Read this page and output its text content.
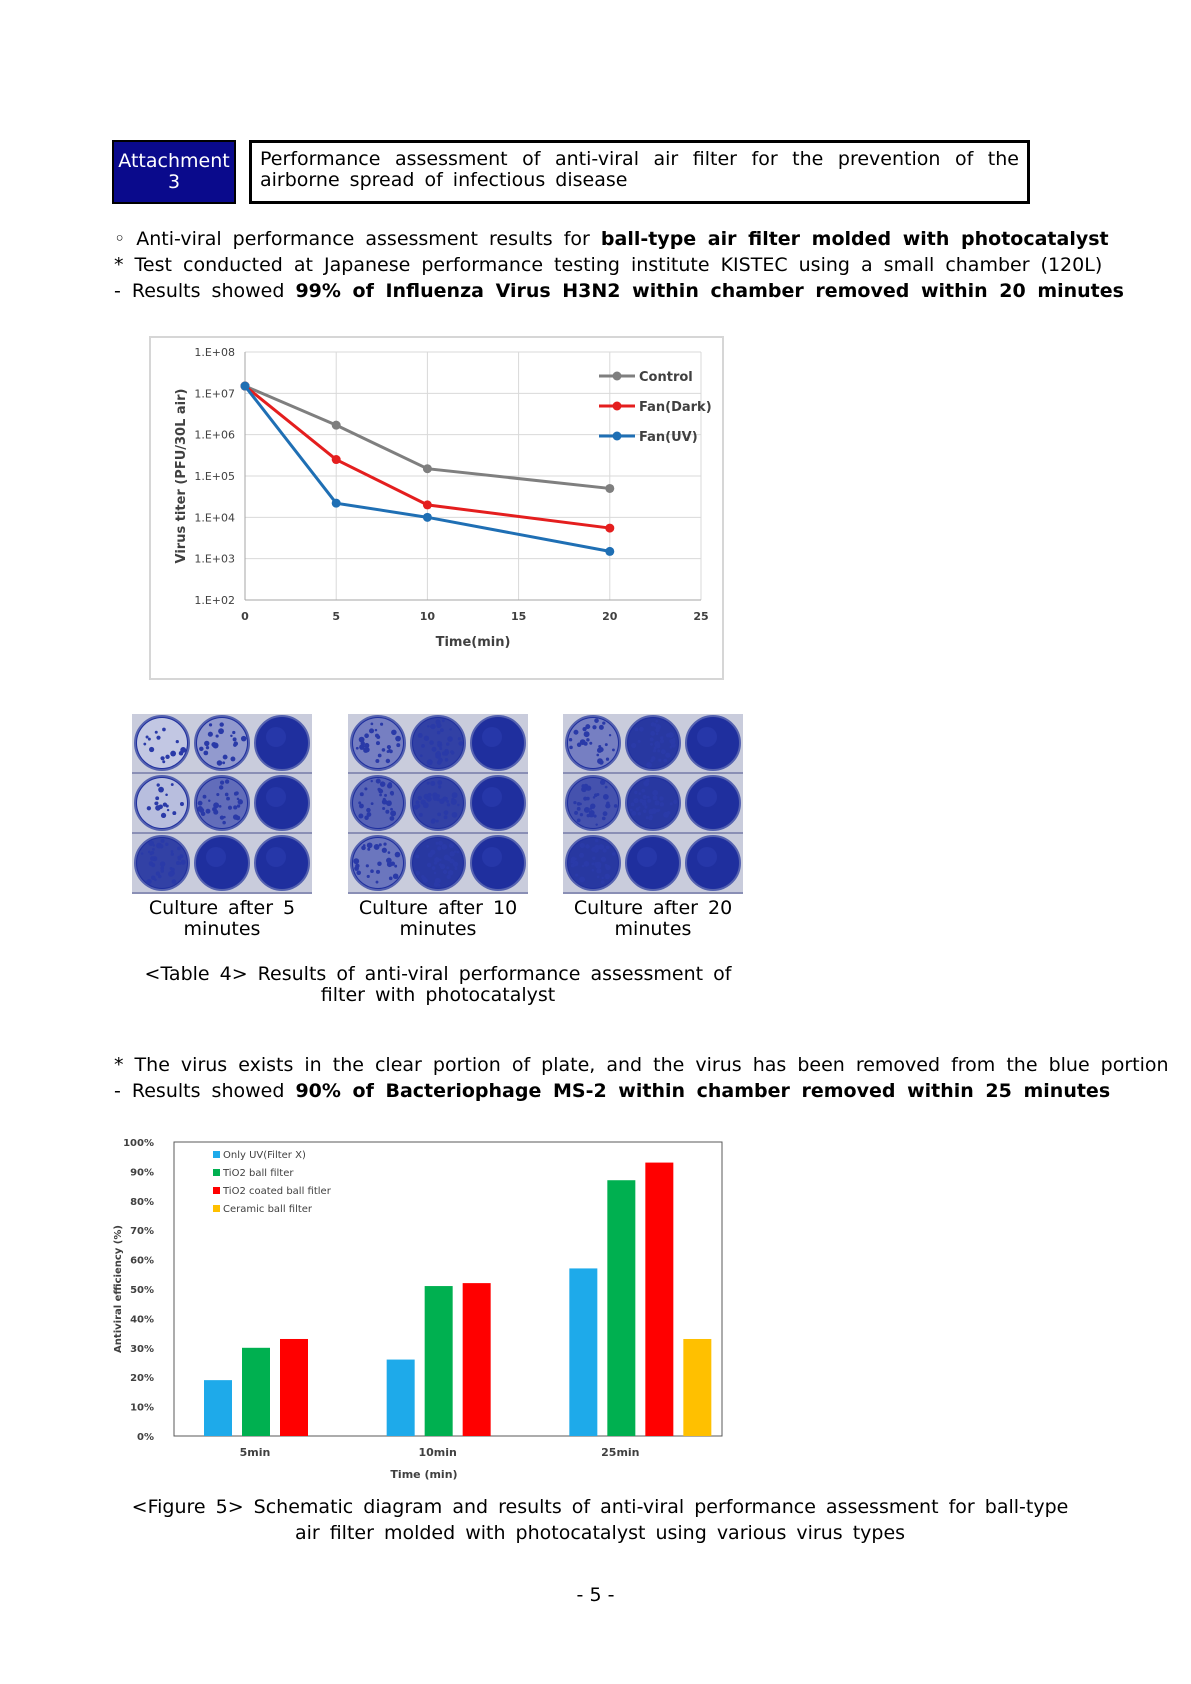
Attachment
3
Performance assessment of anti-viral air filter for the prevention of the airborne spread of infectious disease
◦ Anti-viral performance assessment results for ball-type air filter molded with photocatalyst
* Test conducted at Japanese performance testing institute KISTEC using a small chamber (120L)
- Results showed 99% of Influenza Virus H3N2 within chamber removed within 20 minutes
1.E+02
1.E+03
1.E+04
1.E+05
1.E+06
1.E+07
1.E+08
0	5	10	15	20	25
Time(min)
Virus titer (PFU/30L air)
Control
Fan(Dark)
Fan(UV)
Culture after 5 minutes
Culture after 10 minutes
Culture after 20 minutes
<Table 4> Results of anti-viral performance assessment of filter with photocatalyst
* The virus exists in the clear portion of plate, and the virus has been removed from the blue portion
- Results showed 90% of Bacteriophage MS-2 within chamber removed within 25 minutes
0%
10%
20%
30%
40%
50%
60%
70%
80%
90%
100%
Antiviral efficiency (%)
5min	10min	25min
Time (min)
Only UV(Filter X)
TiO2 ball filter
TiO2 coated ball fitler
Ceramic ball filter
<Figure 5> Schematic diagram and results of anti-viral performance assessment for ball-type air filter molded with photocatalyst using various virus types
- 5 -
